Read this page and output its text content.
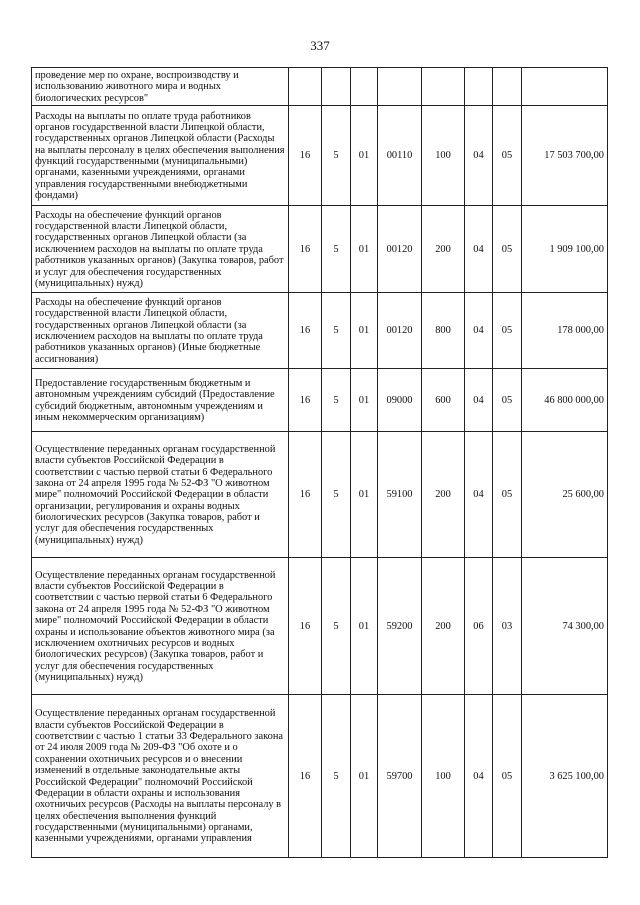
337
проведение мер по охране, воспроизводству и использованию животного мира и водных биологических ресурсов"								
Расходы на выплаты по оплате труда работников органов государственной власти Липецкой области, государственных органов Липецкой области (Расходы на выплаты персоналу в целях обеспечения выполнения функций государственными (муниципальными) органами, казенными учреждениями, органами управления государственными внебюджетными фондами)	16	5	01	00110	100	04	05	17 503 700,00
Расходы на обеспечение функций органов государственной власти Липецкой области, государственных органов Липецкой области (за исключением расходов на выплаты по оплате труда работников указанных органов) (Закупка товаров, работ и услуг для обеспечения государственных (муниципальных) нужд)	16	5	01	00120	200	04	05	1 909 100,00
Расходы на обеспечение функций органов государственной власти Липецкой области, государственных органов Липецкой области (за исключением расходов на выплаты по оплате труда работников указанных органов) (Иные бюджетные ассигнования)	16	5	01	00120	800	04	05	178 000,00
Предоставление государственным бюджетным и автономным учреждениям субсидий (Предоставление субсидий бюджетным, автономным учреждениям и иным некоммерческим организациям)	16	5	01	09000	600	04	05	46 800 000,00
Осуществление переданных органам государственной власти субъектов Российской Федерации в соответствии с частью первой статьи 6 Федерального закона от 24 апреля 1995 года № 52-ФЗ "О животном мире" полномочий Российской Федерации в области организации, регулирования и охраны водных биологических ресурсов (Закупка товаров, работ и услуг для обеспечения государственных (муниципальных) нужд)	16	5	01	59100	200	04	05	25 600,00
Осуществление переданных органам государственной власти субъектов Российской Федерации в соответствии с частью первой статьи 6 Федерального закона от 24 апреля 1995 года № 52-ФЗ "О животном мире" полномочий Российской Федерации в области охраны и использование объектов животного мира (за исключением охотничьих ресурсов и водных биологических ресурсов) (Закупка товаров, работ и услуг для обеспечения государственных (муниципальных) нужд)	16	5	01	59200	200	06	03	74 300,00
Осуществление переданных органам государственной власти субъектов Российской Федерации в соответствии с частью 1 статьи 33 Федерального закона от 24 июля 2009 года № 209-ФЗ "Об охоте и о сохранении охотничьих ресурсов и о внесении изменений в отдельные законодательные акты Российской Федерации" полномочий Российской Федерации в области охраны и использования охотничьих ресурсов (Расходы на выплаты персоналу в целях обеспечения выполнения функций государственными (муниципальными) органами, казенными учреждениями, органами управления	16	5	01	59700	100	04	05	3 625 100,00
